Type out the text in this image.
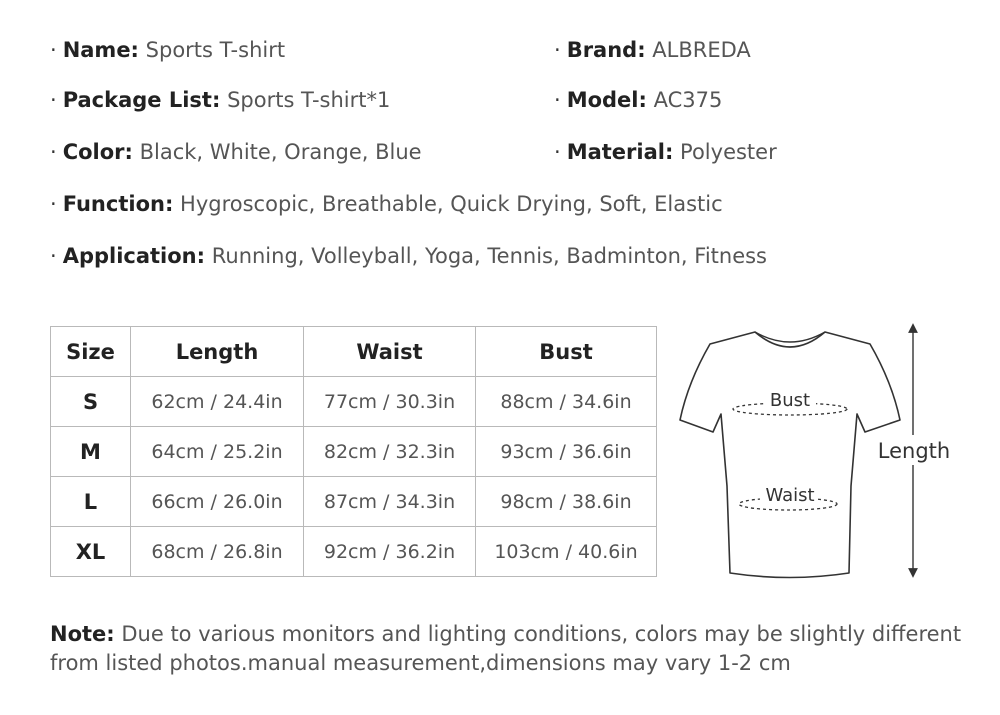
· Name: Sports T-shirt	· Brand: ALBREDA
· Package List: Sports T-shirt*1	· Model: AC375
· Color: Black, White, Orange, Blue	· Material: Polyester
· Function: Hygroscopic, Breathable, Quick Drying, Soft, Elastic
· Application: Running, Volleyball, Yoga, Tennis, Badminton, Fitness
Size	Length	Waist	Bust
S	62cm / 24.4in	77cm / 30.3in	88cm / 34.6in
M	64cm / 25.2in	82cm / 32.3in	93cm / 36.6in
L	66cm / 26.0in	87cm / 34.3in	98cm / 38.6in
XL	68cm / 26.8in	92cm / 36.2in	103cm / 40.6in
Bust
Waist
Length
Note: Due to various monitors and lighting conditions, colors may be slightly different from listed photos.manual measurement,dimensions may vary 1-2 cm
